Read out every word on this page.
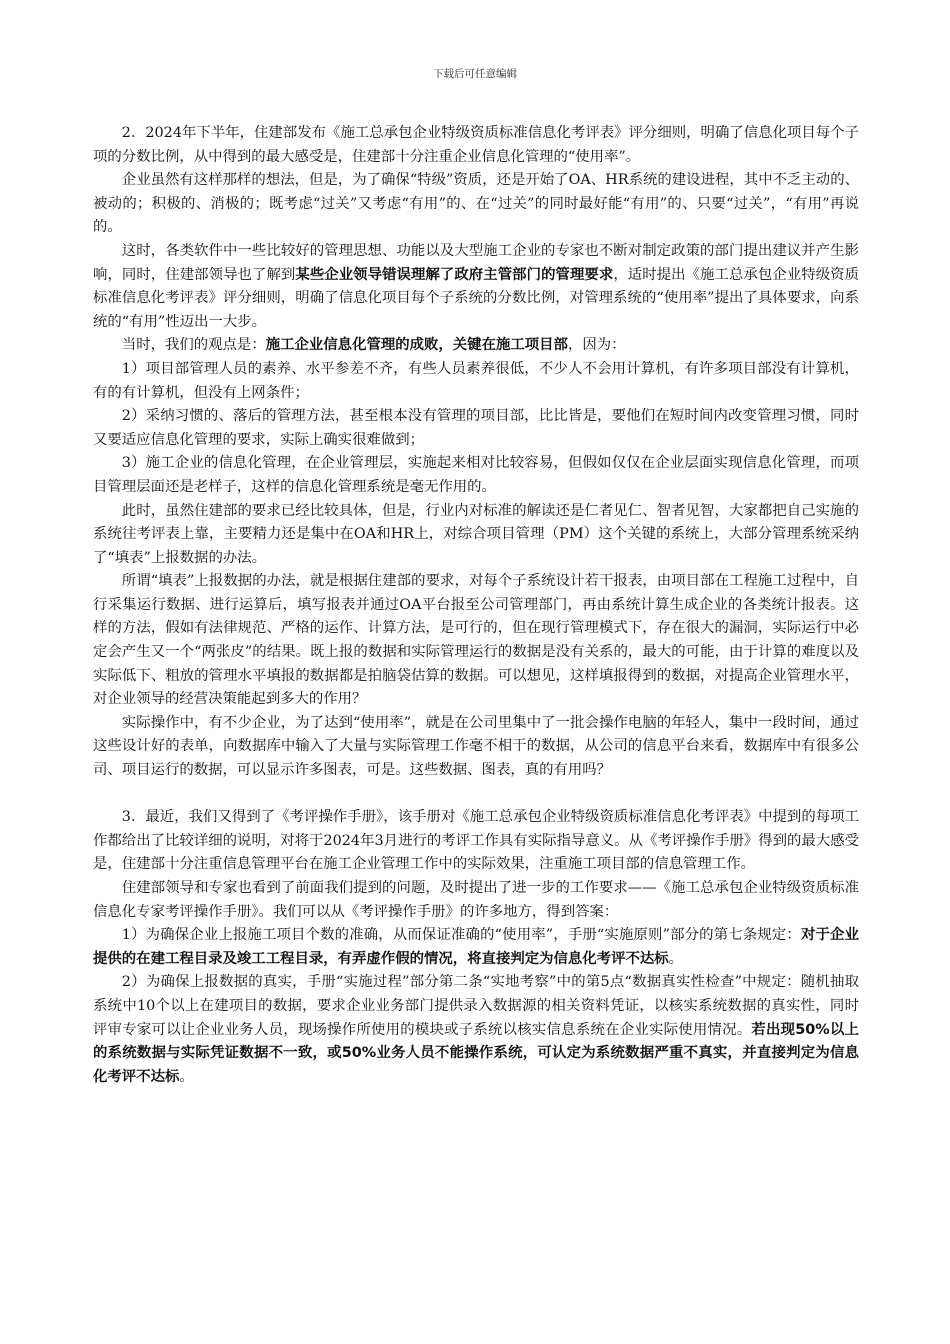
下载后可任意编辑

2．2024年下半年，住建部发布《施工总承包企业特级资质标准信息化考评表》评分细则，明确了信息化项目每个子项的分数比例，从中得到的最大感受是，住建部十分注重企业信息化管理的“使用率”。

企业虽然有这样那样的想法，但是，为了确保“特级”资质，还是开始了OA、HR系统的建设进程，其中不乏主动的、被动的；积极的、消极的；既考虑“过关”又考虑“有用”的、在“过关”的同时最好能“有用”的、只要“过关”，“有用”再说的。

这时，各类软件中一些比较好的管理思想、功能以及大型施工企业的专家也不断对制定政策的部门提出建议并产生影响，同时，住建部领导也了解到某些企业领导错误理解了政府主管部门的管理要求，适时提出《施工总承包企业特级资质标准信息化考评表》评分细则，明确了信息化项目每个子系统的分数比例，对管理系统的“使用率”提出了具体要求，向系统的“有用”性迈出一大步。

当时，我们的观点是：施工企业信息化管理的成败，关键在施工项目部，因为：

1）项目部管理人员的素养、水平参差不齐，有些人员素养很低，不少人不会用计算机，有许多项目部没有计算机，有的有计算机，但没有上网条件；

2）采纳习惯的、落后的管理方法，甚至根本没有管理的项目部，比比皆是，要他们在短时间内改变管理习惯，同时又要适应信息化管理的要求，实际上确实很难做到；

3）施工企业的信息化管理，在企业管理层，实施起来相对比较容易，但假如仅仅在企业层面实现信息化管理，而项目管理层面还是老样子，这样的信息化管理系统是毫无作用的。

此时，虽然住建部的要求已经比较具体，但是，行业内对标准的解读还是仁者见仁、智者见智，大家都把自己实施的系统往考评表上靠，主要精力还是集中在OA和HR上，对综合项目管理（PM）这个关键的系统上，大部分管理系统采纳了“填表”上报数据的办法。

所谓“填表”上报数据的办法，就是根据住建部的要求，对每个子系统设计若干报表，由项目部在工程施工过程中，自行采集运行数据、进行运算后，填写报表并通过OA平台报至公司管理部门，再由系统计算生成企业的各类统计报表。这样的方法，假如有法律规范、严格的运作、计算方法，是可行的，但在现行管理模式下，存在很大的漏洞，实际运行中必定会产生又一个“两张皮”的结果。既上报的数据和实际管理运行的数据是没有关系的，最大的可能，由于计算的难度以及实际低下、粗放的管理水平填报的数据都是拍脑袋估算的数据。可以想见，这样填报得到的数据，对提高企业管理水平，对企业领导的经营决策能起到多大的作用？

实际操作中，有不少企业，为了达到“使用率”，就是在公司里集中了一批会操作电脑的年轻人，集中一段时间，通过这些设计好的表单，向数据库中输入了大量与实际管理工作毫不相干的数据，从公司的信息平台来看，数据库中有很多公司、项目运行的数据，可以显示许多图表，可是。这些数据、图表，真的有用吗？

3．最近，我们又得到了《考评操作手册》，该手册对《施工总承包企业特级资质标准信息化考评表》中提到的每项工作都给出了比较详细的说明，对将于2024年3月进行的考评工作具有实际指导意义。从《考评操作手册》得到的最大感受是，住建部十分注重信息管理平台在施工企业管理工作中的实际效果，注重施工项目部的信息管理工作。

住建部领导和专家也看到了前面我们提到的问题，及时提出了进一步的工作要求——《施工总承包企业特级资质标准信息化专家考评操作手册》。我们可以从《考评操作手册》的许多地方，得到答案：

1）为确保企业上报施工项目个数的准确，从而保证准确的“使用率”，手册“实施原则”部分的第七条规定：对于企业提供的在建工程目录及竣工工程目录，有弄虚作假的情况，将直接判定为信息化考评不达标。

2）为确保上报数据的真实，手册“实施过程”部分第二条“实地考察”中的第5点“数据真实性检查”中规定：随机抽取系统中10个以上在建项目的数据，要求企业业务部门提供录入数据源的相关资料凭证，以核实系统数据的真实性，同时评审专家可以让企业业务人员，现场操作所使用的模块或子系统以核实信息系统在企业实际使用情况。若出现50%以上的系统数据与实际凭证数据不一致，或50%业务人员不能操作系统，可认定为系统数据严重不真实，并直接判定为信息化考评不达标。
